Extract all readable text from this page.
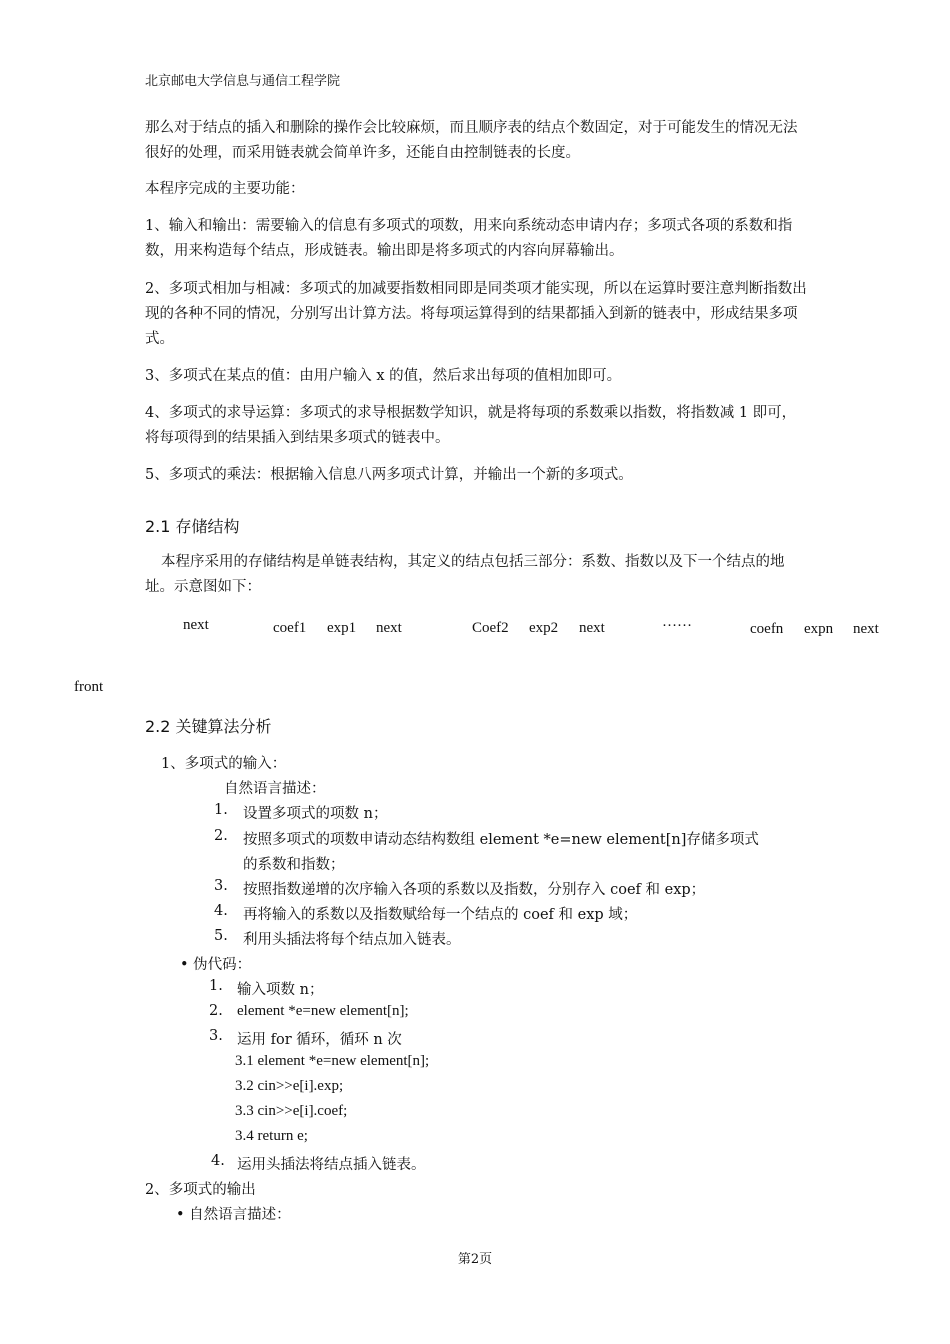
北京邮电大学信息与通信工程学院
那么对于结点的插入和删除的操作会比较麻烦，而且顺序表的结点个数固定，对于可能发生的情况无法很好的处理，而采用链表就会简单许多，还能自由控制链表的长度。
本程序完成的主要功能：
1、输入和输出：需要输入的信息有多项式的项数，用来向系统动态申请内存；多项式各项的系数和指数，用来构造每个结点，形成链表。输出即是将多项式的内容向屏幕输出。
2、多项式相加与相减：多项式的加减要指数相同即是同类项才能实现，所以在运算时要注意判断指数出现的各种不同的情况，分别写出计算方法。将每项运算得到的结果都插入到新的链表中，形成结果多项式。
3、多项式在某点的值：由用户输入 x 的值，然后求出每项的值相加即可。
4、多项式的求导运算：多项式的求导根据数学知识，就是将每项的系数乘以指数，将指数减 1 即可，将每项得到的结果插入到结果多项式的链表中。
5、多项式的乘法：根据输入信息八两多项式计算，并输出一个新的多项式。
2.1 存储结构
本程序采用的存储结构是单链表结构，其定义的结点包括三部分：系数、指数以及下一个结点的地址。示意图如下：
next	coef1 exp1 next	Coef2 exp2 next	……	coefn expn next
front
2.2 关键算法分析
1、多项式的输入：
自然语言描述：
1. 设置多项式的项数 n；
2. 按照多项式的项数申请动态结构数组 element *e=new element[n]存储多项式
的系数和指数；
3. 按照指数递增的次序输入各项的系数以及指数，分别存入 coef 和 exp；
4. 再将输入的系数以及指数赋给每一个结点的 coef 和 exp 域；
5. 利用头插法将每个结点加入链表。
• 伪代码：
1. 输入项数 n；
2. element *e=new element[n];
3. 运用 for 循环，循环 n 次
3.1 element *e=new element[n];
3.2 cin>>e[i].exp;
3.3 cin>>e[i].coef;
3.4 return e;
4. 运用头插法将结点插入链表。
2、多项式的输出
• 自然语言描述：
第2页
